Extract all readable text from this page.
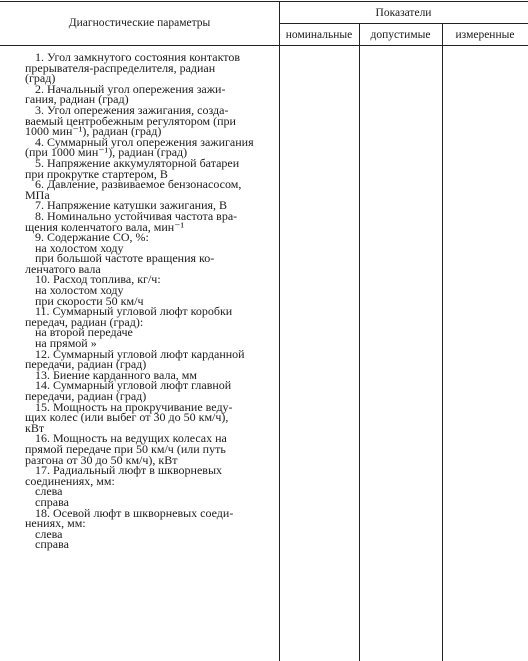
Диагностические параметры
Показатели
номинальные	допустимые	измеренные
1. Угол замкнутого состояния контактов
прерывателя-распределителя, радиан
(град)
2. Начальный угол опережения зажи-
гания, радиан (град)
3. Угол опережения зажигания, созда-
ваемый центробежным регулятором (при
1000 мин⁻¹), радиан (град)
4. Суммарный угол опережения зажигания
(при 1000 мин⁻¹), радиан (град)
5. Напряжение аккумуляторной батареи
при прокрутке стартером, В
6. Давление, развиваемое бензонасосом,
МПа
7. Напряжение катушки зажигания, В
8. Номинально устойчивая частота вра-
щения коленчатого вала, мин⁻¹
9. Содержание СО, %:
на холостом ходу
при большой частоте вращения ко-
ленчатого вала
10. Расход топлива, кг/ч:
на холостом ходу
при скорости 50 км/ч
11. Суммарный угловой люфт коробки
передач, радиан (град):
на второй передаче
на прямой »
12. Суммарный угловой люфт карданной
передачи, радиан (град)
13. Биение карданного вала, мм
14. Суммарный угловой люфт главной
передачи, радиан (град)
15. Мощность на прокручивание веду-
щих колес (или выбег от 30 до 50 км/ч),
кВт
16. Мощность на ведущих колесах на
прямой передаче при 50 км/ч (или путь
разгона от 30 до 50 км/ч), кВт
17. Радиальный люфт в шкворневых
соединениях, мм:
слева
справа
18. Осевой люфт в шкворневых соеди-
нениях, мм:
слева
справа
